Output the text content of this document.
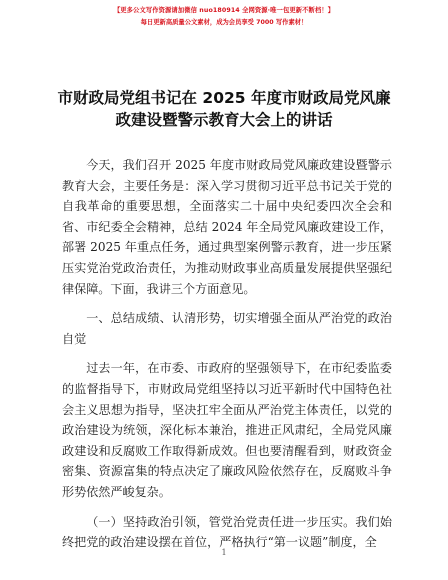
【更多公文写作资源请加微信 nuo180914 全网资源·唯一包更新不断档！】
每日更新高质量公文素材，成为会员享受 7000 写作素材！
市财政局党组书记在 2025 年度市财政局党风廉
政建设暨警示教育大会上的讲话

今天，我们召开 2025 年度市财政局党风廉政建设暨警示教育大会，主要任务是：深入学习贯彻习近平总书记关于党的自我革命的重要思想，全面落实二十届中央纪委四次全会和省、市纪委全会精神，总结 2024 年全局党风廉政建设工作，部署 2025 年重点任务，通过典型案例警示教育，进一步压紧压实党治党政治责任，为推动财政事业高质量发展提供坚强纪律保障。下面，我讲三个方面意见。

一、总结成绩、认清形势，切实增强全面从严治党的政治自觉

过去一年，在市委、市政府的坚强领导下，在市纪委监委的监督指导下，市财政局党组坚持以习近平新时代中国特色社会主义思想为指导，坚决扛牢全面从严治党主体责任，以党的政治建设为统领，深化标本兼治，推进正风肃纪，全局党风廉政建设和反腐败工作取得新成效。但也要清醒看到，财政资金密集、资源富集的特点决定了廉政风险依然存在，反腐败斗争形势依然严峻复杂。

（一）坚持政治引领，管党治党责任进一步压实。我们始终把党的政治建设摆在首位，严格执行“第一议题”制度，全

1
